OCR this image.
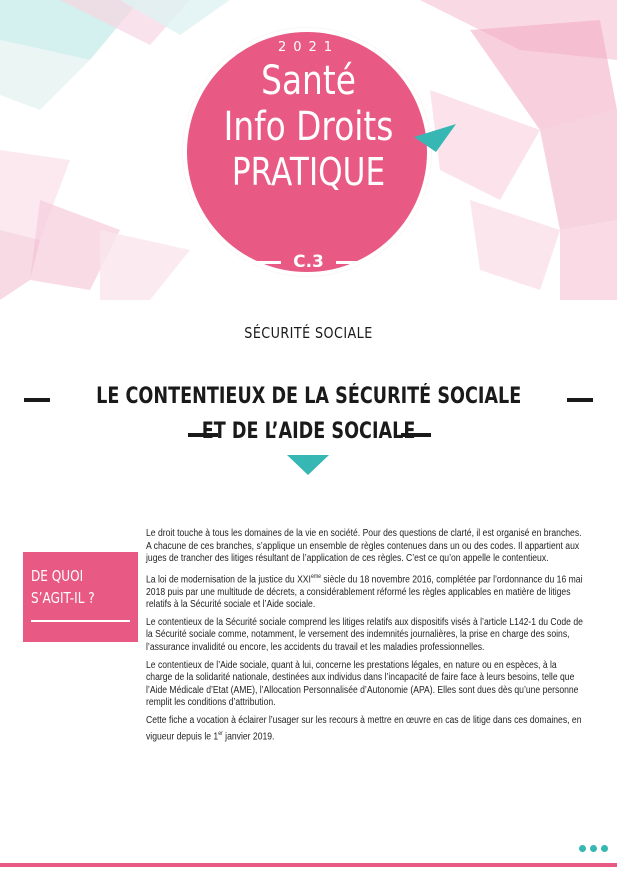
2021
Santé
Info Droits
PRATIQUE
C.3
SÉCURITÉ SOCIALE
LE CONTENTIEUX DE LA SÉCURITÉ SOCIALE
ET DE L’AIDE SOCIALE
DE QUOI
S’AGIT-IL ?

Le droit touche à tous les domaines de la vie en société. Pour des questions de clarté, il est organisé en branches. A chacune de ces branches, s’applique un ensemble de règles contenues dans un ou des codes. Il appartient aux juges de trancher des litiges résultant de l’application de ces règles. C’est ce qu’on appelle le contentieux.

La loi de modernisation de la justice du XXIème siècle du 18 novembre 2016, complétée par l’ordonnance du 16 mai 2018 puis par une multitude de décrets, a considérablement réformé les règles applicables en matière de litiges relatifs à la Sécurité sociale et l’Aide sociale.

Le contentieux de la Sécurité sociale comprend les litiges relatifs aux dispositifs visés à l’article L142-1 du Code de la Sécurité sociale comme, notamment, le versement des indemnités journalières, la prise en charge des soins, l’assurance invalidité ou encore, les accidents du travail et les maladies professionnelles.

Le contentieux de l’Aide sociale, quant à lui, concerne les prestations légales, en nature ou en espèces, à la charge de la solidarité nationale, destinées aux individus dans l’incapacité de faire face à leurs besoins, telle que l’Aide Médicale d’Etat (AME), l’Allocation Personnalisée d’Autonomie (APA). Elles sont dues dès qu’une personne remplit les conditions d’attribution.

Cette fiche a vocation à éclairer l’usager sur les recours à mettre en œuvre en cas de litige dans ces domaines, en vigueur depuis le 1er janvier 2019.
